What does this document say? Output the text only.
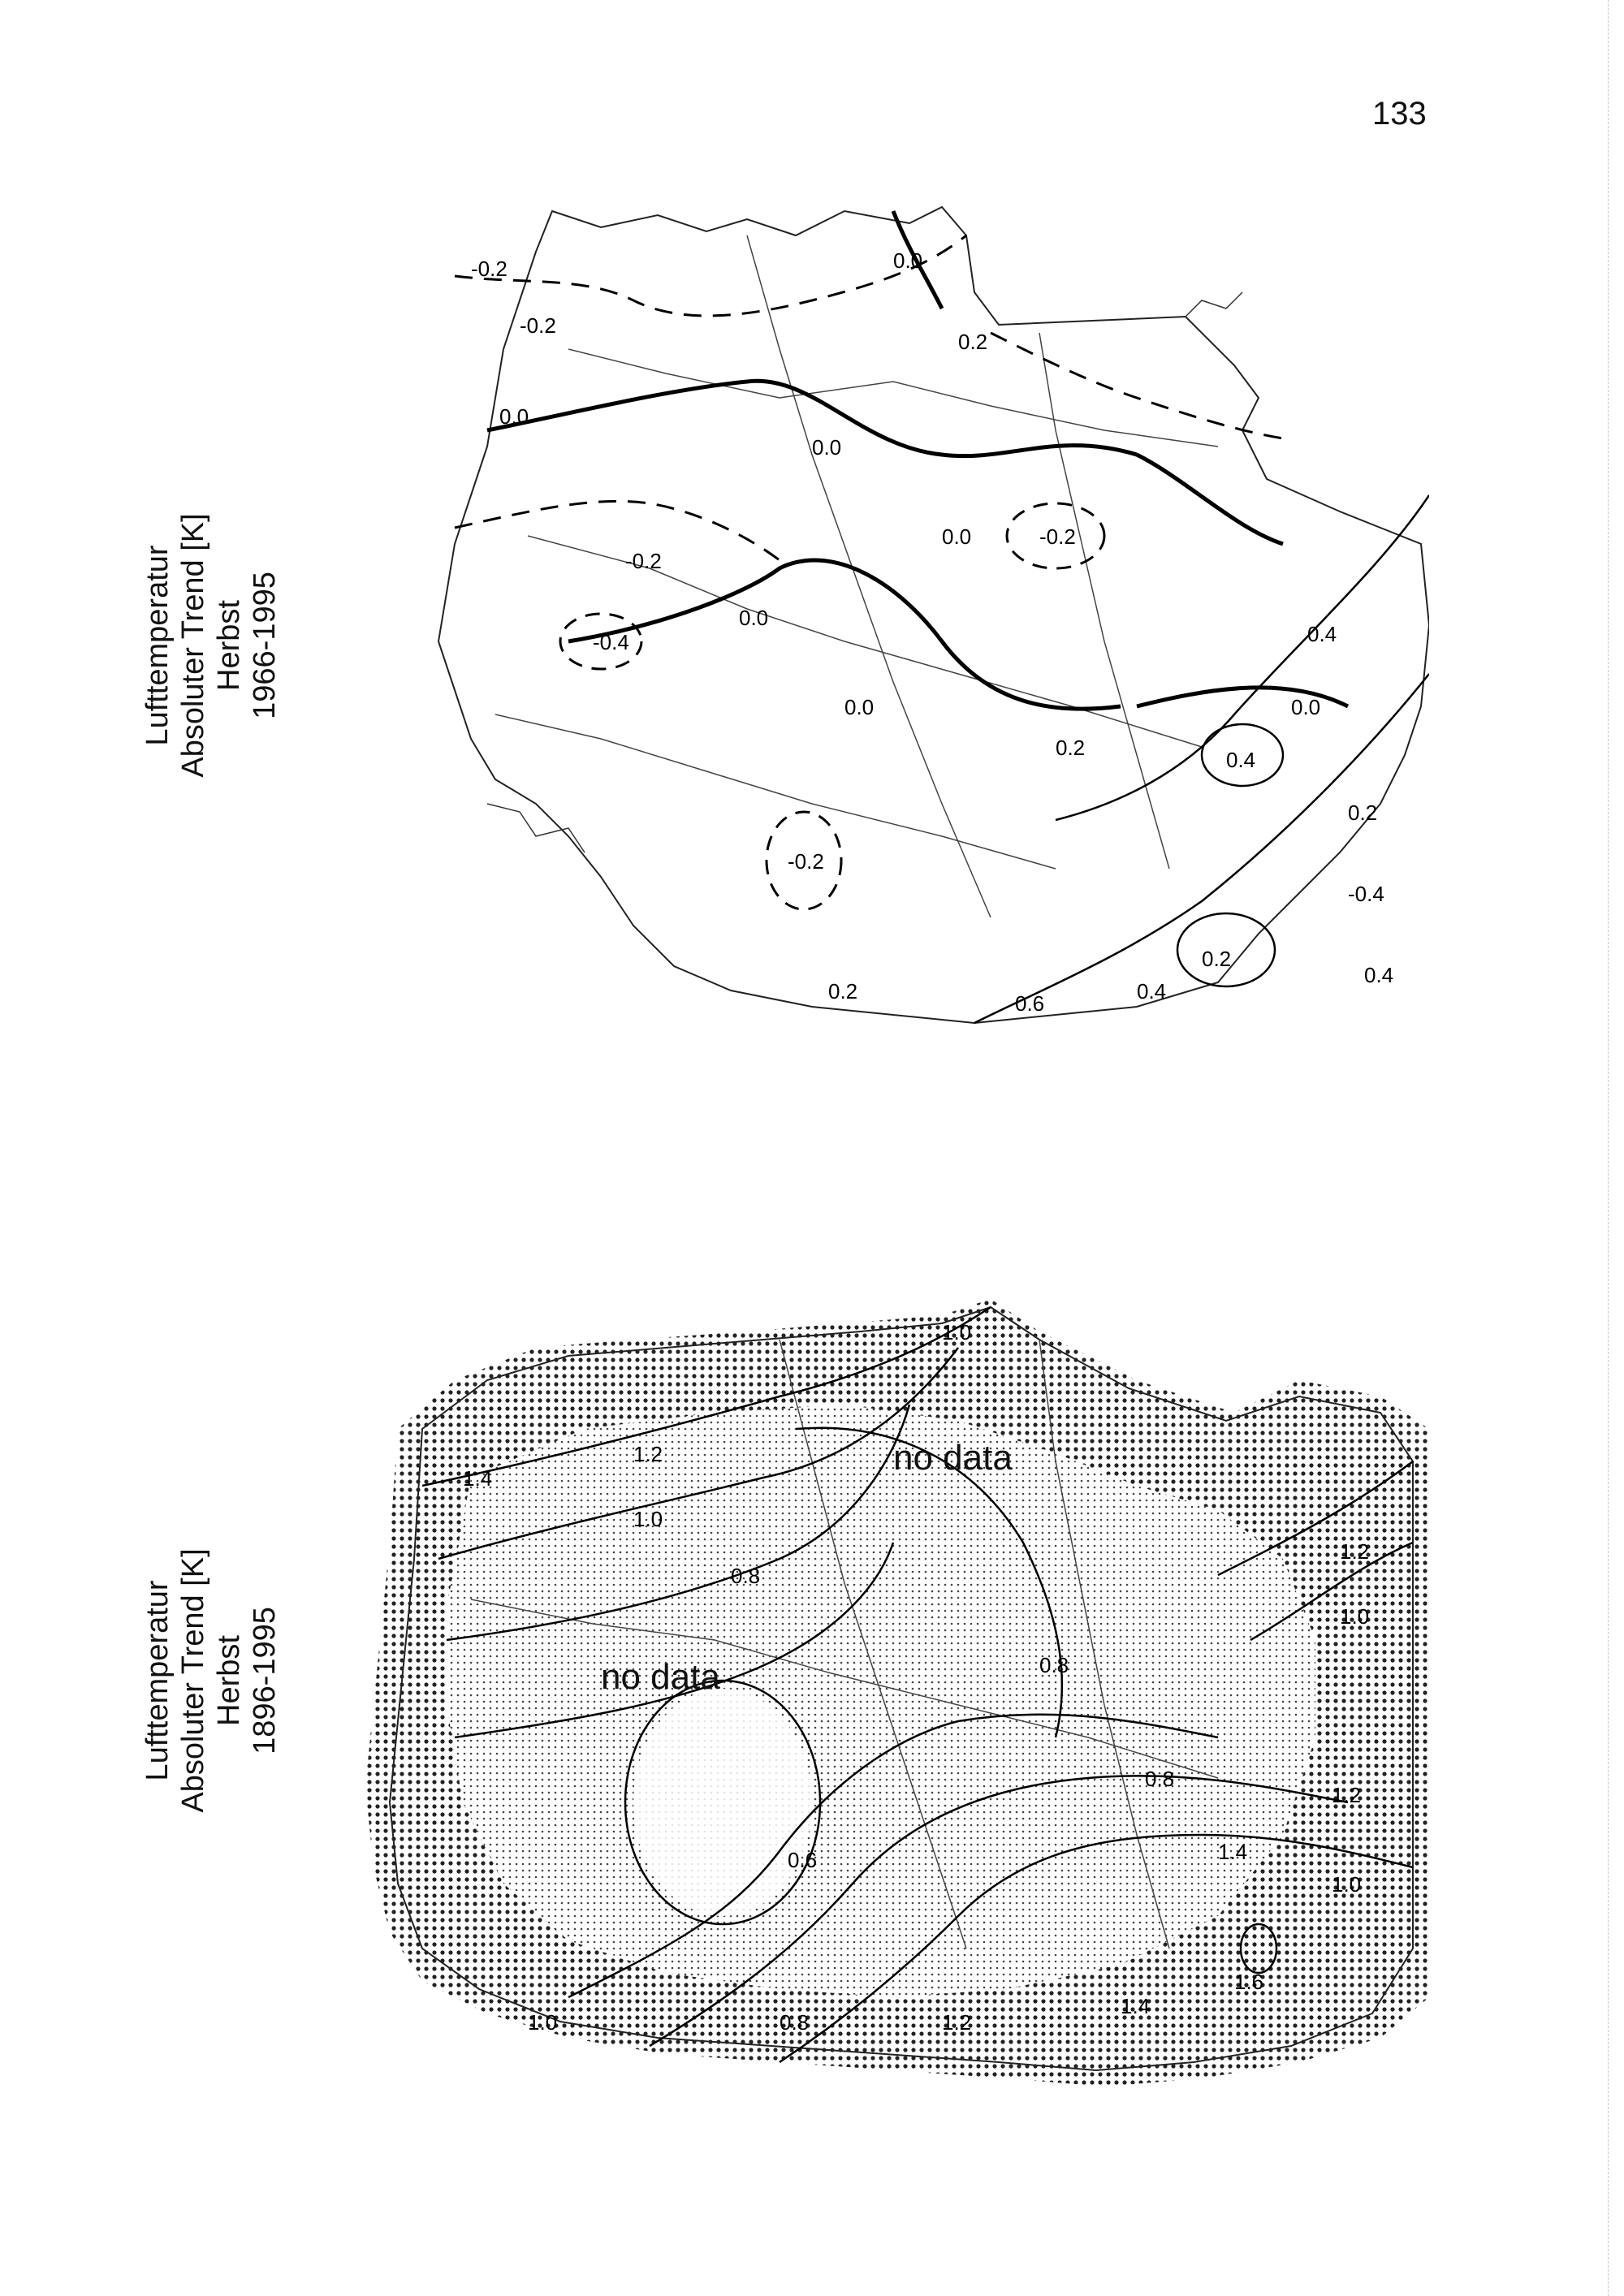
133
Lufttemperatur Absoluter Trend [K] Herbst 1966-1995
0.0
0.0
0.0
0.0
0.0
0.0	0.0
-0.2
-0.2
-0.2
-0.2
-0.2
0.2
0.2
-0.4
0.4
0.4
0.4
0.6
0.2
0.2
-0.4
0.2
0.4
Lufttemperatur Absoluter Trend [K] Herbst 1896-1995
1.4
1.2
1.0
0.8
1.0
0.8
1.2
1.0
0.8
0.6
1.2
1.0
1.4
1.6
1.4
1.2
0.8
1.0
no data
no data
